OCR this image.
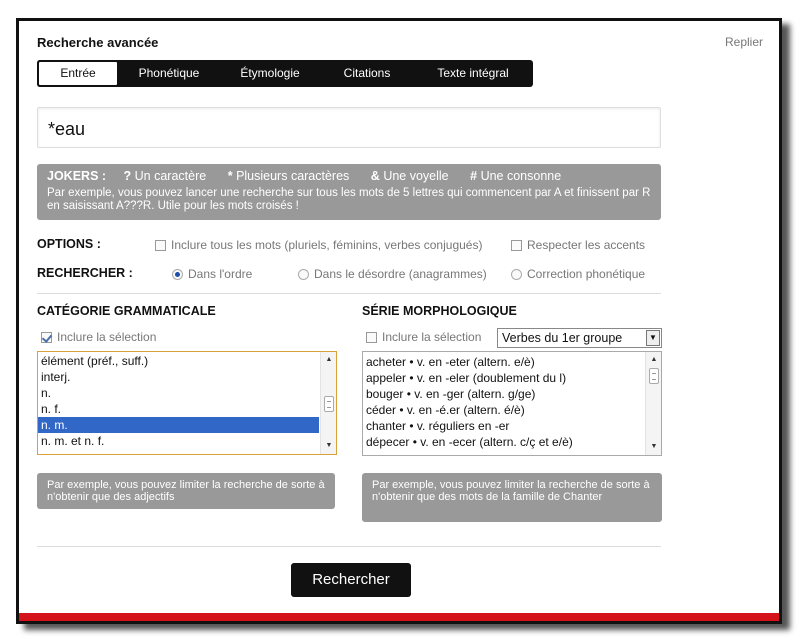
Recherche avancée	Replier
Entrée	Phonétique	Étymologie	Citations	Texte intégral
*eau
JOKERS : ? Un caractère * Plusieurs caractères & Une voyelle # Une consonne
Par exemple, vous pouvez lancer une recherche sur tous les mots de 5 lettres qui commencent par A et finissent par R en saisissant A???R. Utile pour les mots croisés !
OPTIONS :	Inclure tous les mots (pluriels, féminins, verbes conjugués)	Respecter les accents
RECHERCHER :	Dans l'ordre	Dans le désordre (anagrammes)	Correction phonétique
CATÉGORIE GRAMMATICALE
Inclure la sélection
élément (préf., suff.)
interj.
n.
n. f.
n. m.
n. m. et n. f.
▲
▼
Par exemple, vous pouvez limiter la recherche de sorte à n'obtenir que des adjectifs
SÉRIE MORPHOLOGIQUE
Inclure la sélection	Verbes du 1er groupe	▼
acheter • v. en -eter (altern. e/è)
appeler • v. en -eler (doublement du l)
bouger • v. en -ger (altern. g/ge)
céder • v. en -é.er (altern. é/è)
chanter • v. réguliers en -er
dépecer • v. en -ecer (altern. c/ç et e/è)
▲
▼
Par exemple, vous pouvez limiter la recherche de sorte à n'obtenir que des mots de la famille de Chanter
Rechercher
